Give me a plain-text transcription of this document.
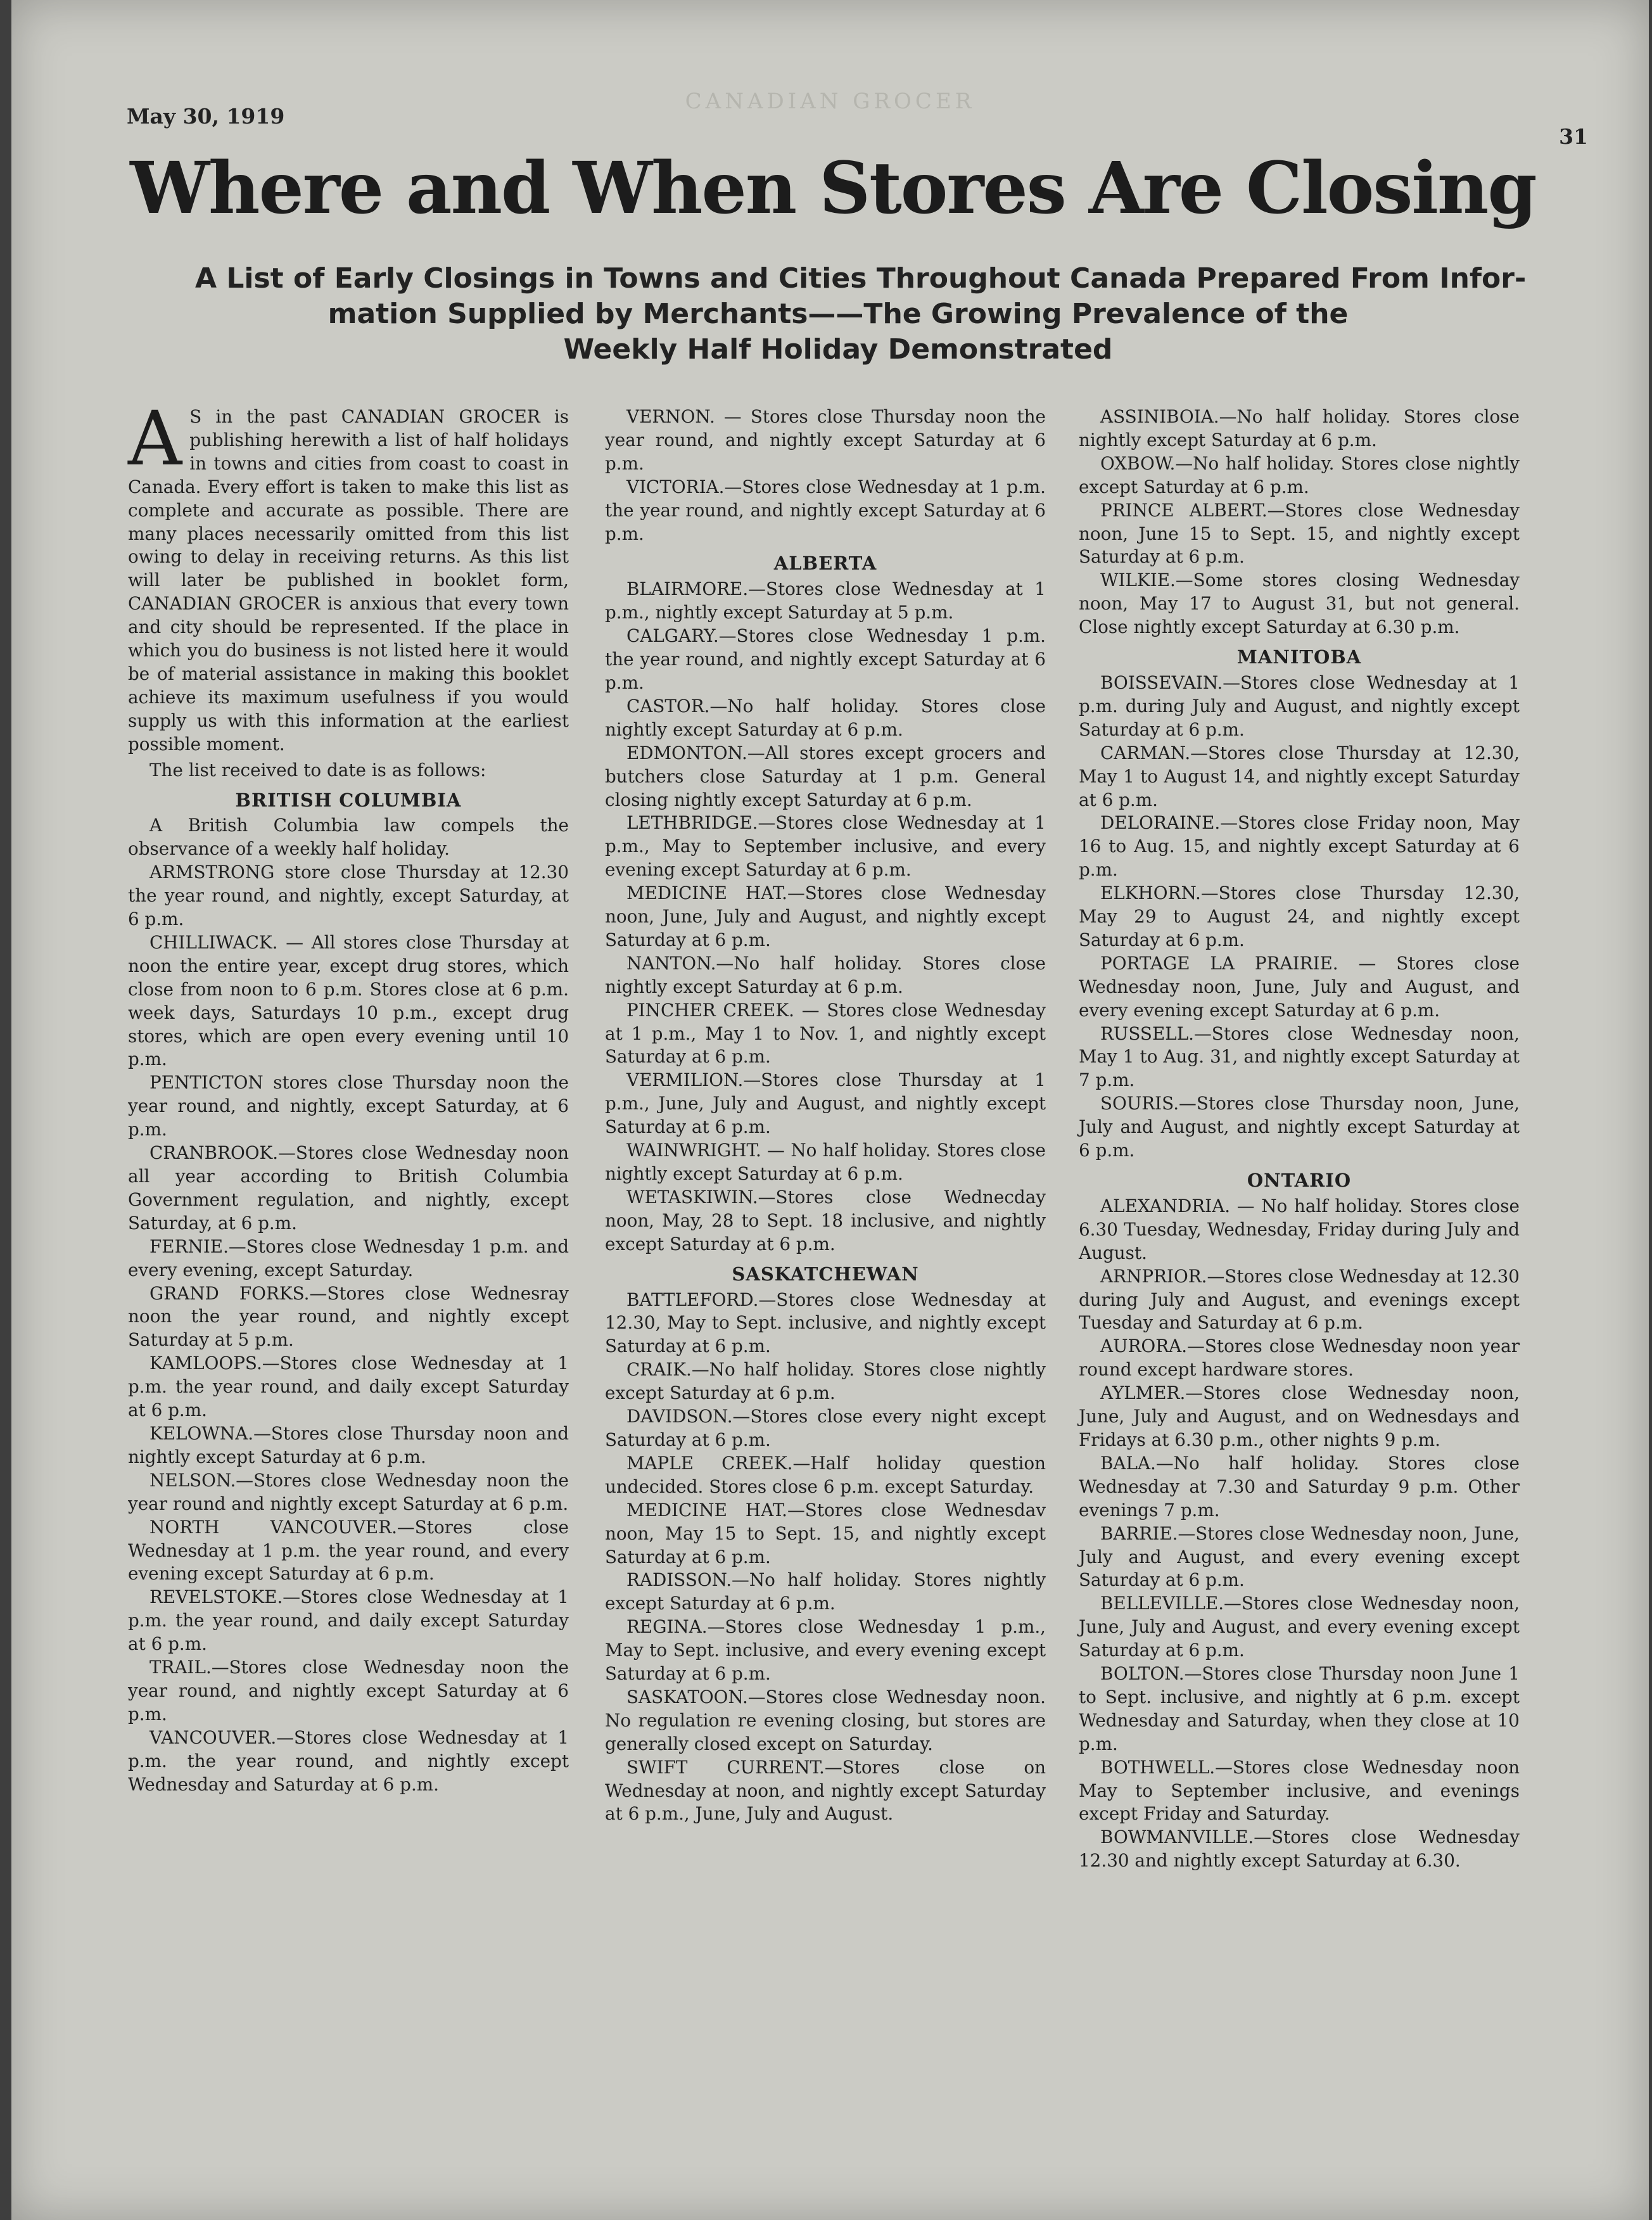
CANADIAN GROCER
May 30, 1919
31
Where and When Stores Are Closing
A List of Early Closings in Towns and Cities Throughout Canada Prepared From Infor-
mation Supplied by Merchants——The Growing Prevalence of the
Weekly Half Holiday Demonstrated

A S in the past CANADIAN GROCER is publishing herewith a list of half holidays in towns and cities from coast to coast in Canada. Every effort is taken to make this list as complete and accurate as possible. There are many places necessarily omitted from this list owing to delay in receiving returns. As this list will later be published in booklet form, CANADIAN GROCER is anxious that every town and city should be represented. If the place in which you do business is not listed here it would be of material assistance in making this booklet achieve its maximum usefulness if you would supply us with this information at the earliest possible moment.

The list received to date is as follows:

BRITISH COLUMBIA

A British Columbia law compels the observance of a weekly half holiday.

ARMSTRONG store close Thursday at 12.30 the year round, and nightly, except Saturday, at 6 p.m.

CHILLIWACK. — All stores close Thursday at noon the entire year, except drug stores, which close from noon to 6 p.m. Stores close at 6 p.m. week days, Saturdays 10 p.m., except drug stores, which are open every evening until 10 p.m.

PENTICTON stores close Thursday noon the year round, and nightly, except Saturday, at 6 p.m.

CRANBROOK.—Stores close Wednesday noon all year according to British Columbia Government regulation, and nightly, except Saturday, at 6 p.m.

FERNIE.—Stores close Wednesday 1 p.m. and every evening, except Saturday.

GRAND FORKS.—Stores close Wednesray noon the year round, and nightly except Saturday at 5 p.m.

KAMLOOPS.—Stores close Wednesday at 1 p.m. the year round, and daily except Saturday at 6 p.m.

KELOWNA.—Stores close Thursday noon and nightly except Saturday at 6 p.m.

NELSON.—Stores close Wednesday noon the year round and nightly except Saturday at 6 p.m.

NORTH VANCOUVER.—Stores close Wednesday at 1 p.m. the year round, and every evening except Saturday at 6 p.m.

REVELSTOKE.—Stores close Wednesday at 1 p.m. the year round, and daily except Saturday at 6 p.m.

TRAIL.—Stores close Wednesday noon the year round, and nightly except Saturday at 6 p.m.

VANCOUVER.—Stores close Wednesday at 1 p.m. the year round, and nightly except Wednesday and Saturday at 6 p.m.

VERNON. — Stores close Thursday noon the year round, and nightly except Saturday at 6 p.m.

VICTORIA.—Stores close Wednesday at 1 p.m. the year round, and nightly except Saturday at 6 p.m.

ALBERTA

BLAIRMORE.—Stores close Wednesday at 1 p.m., nightly except Saturday at 5 p.m.

CALGARY.—Stores close Wednesday 1 p.m. the year round, and nightly except Saturday at 6 p.m.

CASTOR.—No half holiday. Stores close nightly except Saturday at 6 p.m.

EDMONTON.—All stores except grocers and butchers close Saturday at 1 p.m. General closing nightly except Saturday at 6 p.m.

LETHBRIDGE.—Stores close Wednesday at 1 p.m., May to September inclusive, and every evening except Saturday at 6 p.m.

MEDICINE HAT.—Stores close Wednesday noon, June, July and August, and nightly except Saturday at 6 p.m.

NANTON.—No half holiday. Stores close nightly except Saturday at 6 p.m.

PINCHER CREEK. — Stores close Wednesday at 1 p.m., May 1 to Nov. 1, and nightly except Saturday at 6 p.m.

VERMILION.—Stores close Thursday at 1 p.m., June, July and August, and nightly except Saturday at 6 p.m.

WAINWRIGHT. — No half holiday. Stores close nightly except Saturday at 6 p.m.

WETASKIWIN.—Stores close Wednecday noon, May, 28 to Sept. 18 inclusive, and nightly except Saturday at 6 p.m.

SASKATCHEWAN

BATTLEFORD.—Stores close Wednesday at 12.30, May to Sept. inclusive, and nightly except Saturday at 6 p.m.

CRAIK.—No half holiday. Stores close nightly except Saturday at 6 p.m.

DAVIDSON.—Stores close every night except Saturday at 6 p.m.

MAPLE CREEK.—Half holiday question undecided. Stores close 6 p.m. except Saturday.

MEDICINE HAT.—Stores close Wednesdav noon, May 15 to Sept. 15, and nightly except Saturday at 6 p.m.

RADISSON.—No half holiday. Stores nightly except Saturday at 6 p.m.

REGINA.—Stores close Wednesday 1 p.m., May to Sept. inclusive, and every evening except Saturday at 6 p.m.

SASKATOON.—Stores close Wednesday noon. No regulation re evening closing, but stores are generally closed except on Saturday.

SWIFT CURRENT.—Stores close on Wednesday at noon, and nightly except Saturday at 6 p.m., June, July and August.

ASSINIBOIA.—No half holiday. Stores close nightly except Saturday at 6 p.m.

OXBOW.—No half holiday. Stores close nightly except Saturday at 6 p.m.

PRINCE ALBERT.—Stores close Wednesday noon, June 15 to Sept. 15, and nightly except Saturday at 6 p.m.

WILKIE.—Some stores closing Wednesday noon, May 17 to August 31, but not general. Close nightly except Saturday at 6.30 p.m.

MANITOBA

BOISSEVAIN.—Stores close Wednesday at 1 p.m. during July and August, and nightly except Saturday at 6 p.m.

CARMAN.—Stores close Thursday at 12.30, May 1 to August 14, and nightly except Saturday at 6 p.m.

DELORAINE.—Stores close Friday noon, May 16 to Aug. 15, and nightly except Saturday at 6 p.m.

ELKHORN.—Stores close Thursday 12.30, May 29 to August 24, and nightly except Saturday at 6 p.m.

PORTAGE LA PRAIRIE. — Stores close Wednesday noon, June, July and August, and every evening except Saturday at 6 p.m.

RUSSELL.—Stores close Wednesday noon, May 1 to Aug. 31, and nightly except Saturday at 7 p.m.

SOURIS.—Stores close Thursday noon, June, July and August, and nightly except Saturday at 6 p.m.

ONTARIO

ALEXANDRIA. — No half holiday. Stores close 6.30 Tuesday, Wednesday, Friday during July and August.

ARNPRIOR.—Stores close Wednesday at 12.30 during July and August, and evenings except Tuesday and Saturday at 6 p.m.

AURORA.—Stores close Wednesday noon year round except hardware stores.

AYLMER.—Stores close Wednesday noon, June, July and August, and on Wednesdays and Fridays at 6.30 p.m., other nights 9 p.m.

BALA.—No half holiday. Stores close Wednesday at 7.30 and Saturday 9 p.m. Other evenings 7 p.m.

BARRIE.—Stores close Wednesday noon, June, July and August, and every evening except Saturday at 6 p.m.

BELLEVILLE.—Stores close Wednesday noon, June, July and August, and every evening except Saturday at 6 p.m.

BOLTON.—Stores close Thursday noon June 1 to Sept. inclusive, and nightly at 6 p.m. except Wednesday and Saturday, when they close at 10 p.m.

BOTHWELL.—Stores close Wednesday noon May to September inclusive, and evenings except Friday and Saturday.

BOWMANVILLE.—Stores close Wednesday 12.30 and nightly except Saturday at 6.30.
